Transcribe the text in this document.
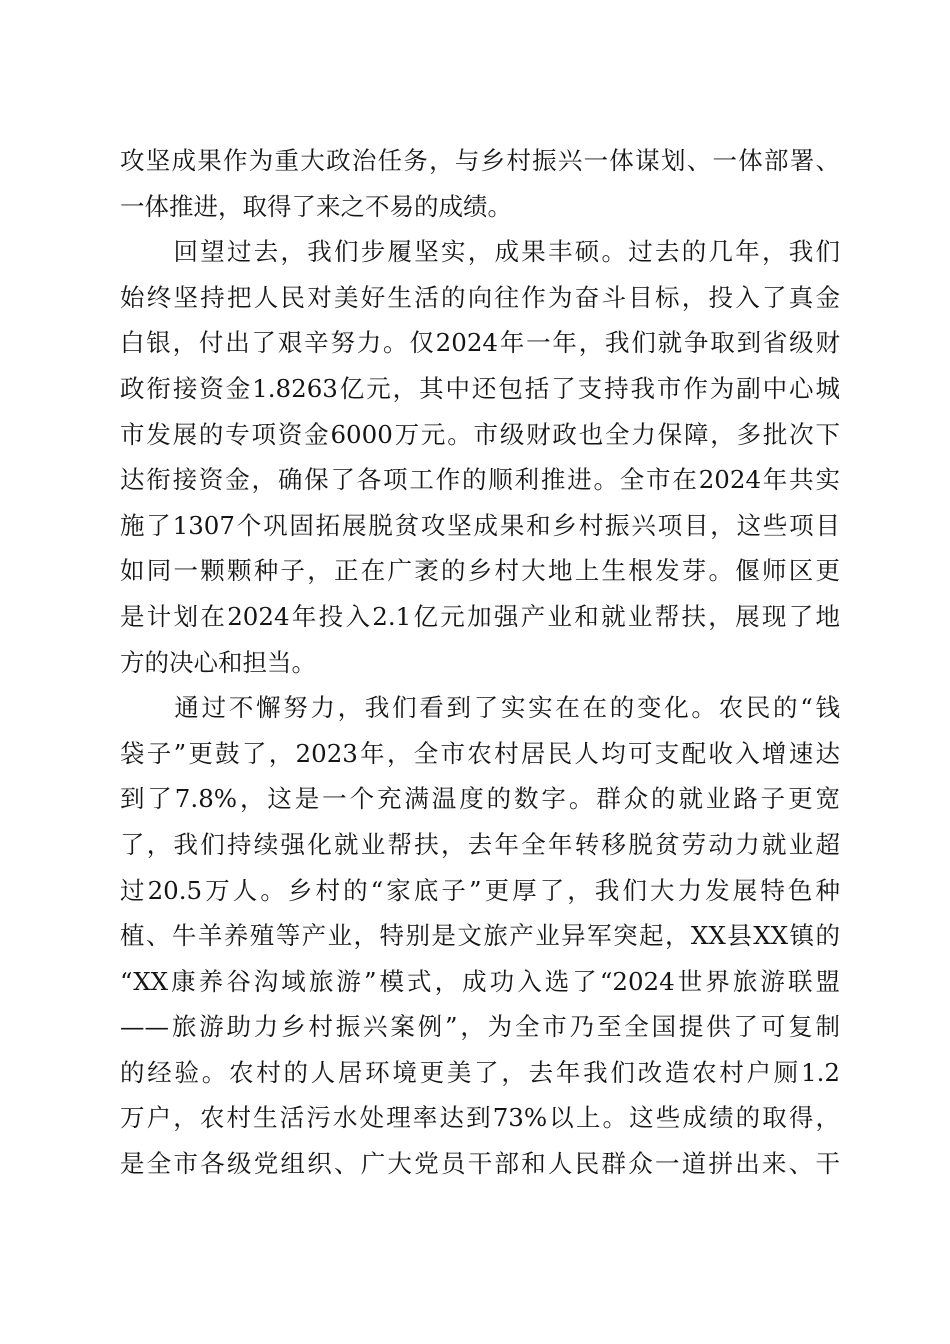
攻坚成果作为重大政治任务，与乡村振兴一体谋划、一体部署、
一体推进，取得了来之不易的成绩。
　　回望过去，我们步履坚实，成果丰硕。过去的几年，我们
始终坚持把人民对美好生活的向往作为奋斗目标，投入了真金
白银，付出了艰辛努力。仅2024年一年，我们就争取到省级财
政衔接资金1.8263亿元，其中还包括了支持我市作为副中心城
市发展的专项资金6000万元。市级财政也全力保障，多批次下
达衔接资金，确保了各项工作的顺利推进。全市在2024年共实
施了1307个巩固拓展脱贫攻坚成果和乡村振兴项目，这些项目
如同一颗颗种子，正在广袤的乡村大地上生根发芽。偃师区更
是计划在2024年投入2.1亿元加强产业和就业帮扶，展现了地
方的决心和担当。
　　通过不懈努力，我们看到了实实在在的变化。农民的“钱
袋子”更鼓了，2023年，全市农村居民人均可支配收入增速达
到了7.8%，这是一个充满温度的数字。群众的就业路子更宽
了，我们持续强化就业帮扶，去年全年转移脱贫劳动力就业超
过20.5万人。乡村的“家底子”更厚了，我们大力发展特色种
植、牛羊养殖等产业，特别是文旅产业异军突起，XX县XX镇的
“XX康养谷沟域旅游”模式，成功入选了“2024世界旅游联盟
——旅游助力乡村振兴案例”，为全市乃至全国提供了可复制
的经验。农村的人居环境更美了，去年我们改造农村户厕1.2
万户，农村生活污水处理率达到73%以上。这些成绩的取得，
是全市各级党组织、广大党员干部和人民群众一道拼出来、干
